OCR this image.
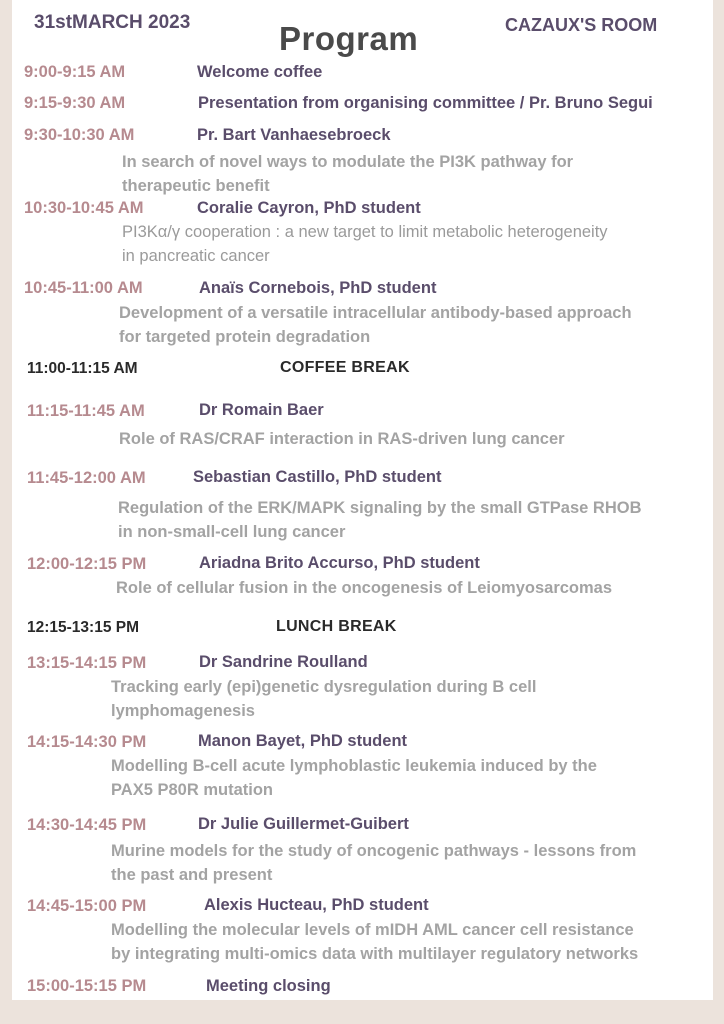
31stMARCH 2023	Program	CAZAUX'S ROOM
9:00-9:15 AM	Welcome coffee
9:15-9:30 AM	Presentation from organising committee / Pr. Bruno Segui
9:30-10:30 AM	Pr. Bart Vanhaesebroeck
In search of novel ways to modulate the PI3K pathway for
therapeutic benefit
10:30-10:45 AM	Coralie Cayron, PhD student
PI3Kα/γ cooperation : a new target to limit metabolic heterogeneity
in pancreatic cancer
10:45-11:00 AM	Anaïs Cornebois, PhD student
Development of a versatile intracellular antibody-based approach
for targeted protein degradation
11:00-11:15 AM	COFFEE BREAK
11:15-11:45 AM	Dr Romain Baer
Role of RAS/CRAF interaction in RAS-driven lung cancer
11:45-12:00 AM	Sebastian Castillo, PhD student
Regulation of the ERK/MAPK signaling by the small GTPase RHOB
in non-small-cell lung cancer
12:00-12:15 PM	Ariadna Brito Accurso, PhD student
Role of cellular fusion in the oncogenesis of Leiomyosarcomas
12:15-13:15 PM	LUNCH BREAK
13:15-14:15 PM	Dr Sandrine Roulland
Tracking early (epi)genetic dysregulation during B cell
lymphomagenesis
14:15-14:30 PM	Manon Bayet, PhD student
Modelling B-cell acute lymphoblastic leukemia induced by the
PAX5 P80R mutation
14:30-14:45 PM	Dr Julie Guillermet-Guibert
Murine models for the study of oncogenic pathways - lessons from
the past and present
14:45-15:00 PM	Alexis Hucteau, PhD student
Modelling the molecular levels of mIDH AML cancer cell resistance
by integrating multi-omics data with multilayer regulatory networks
15:00-15:15 PM	Meeting closing
